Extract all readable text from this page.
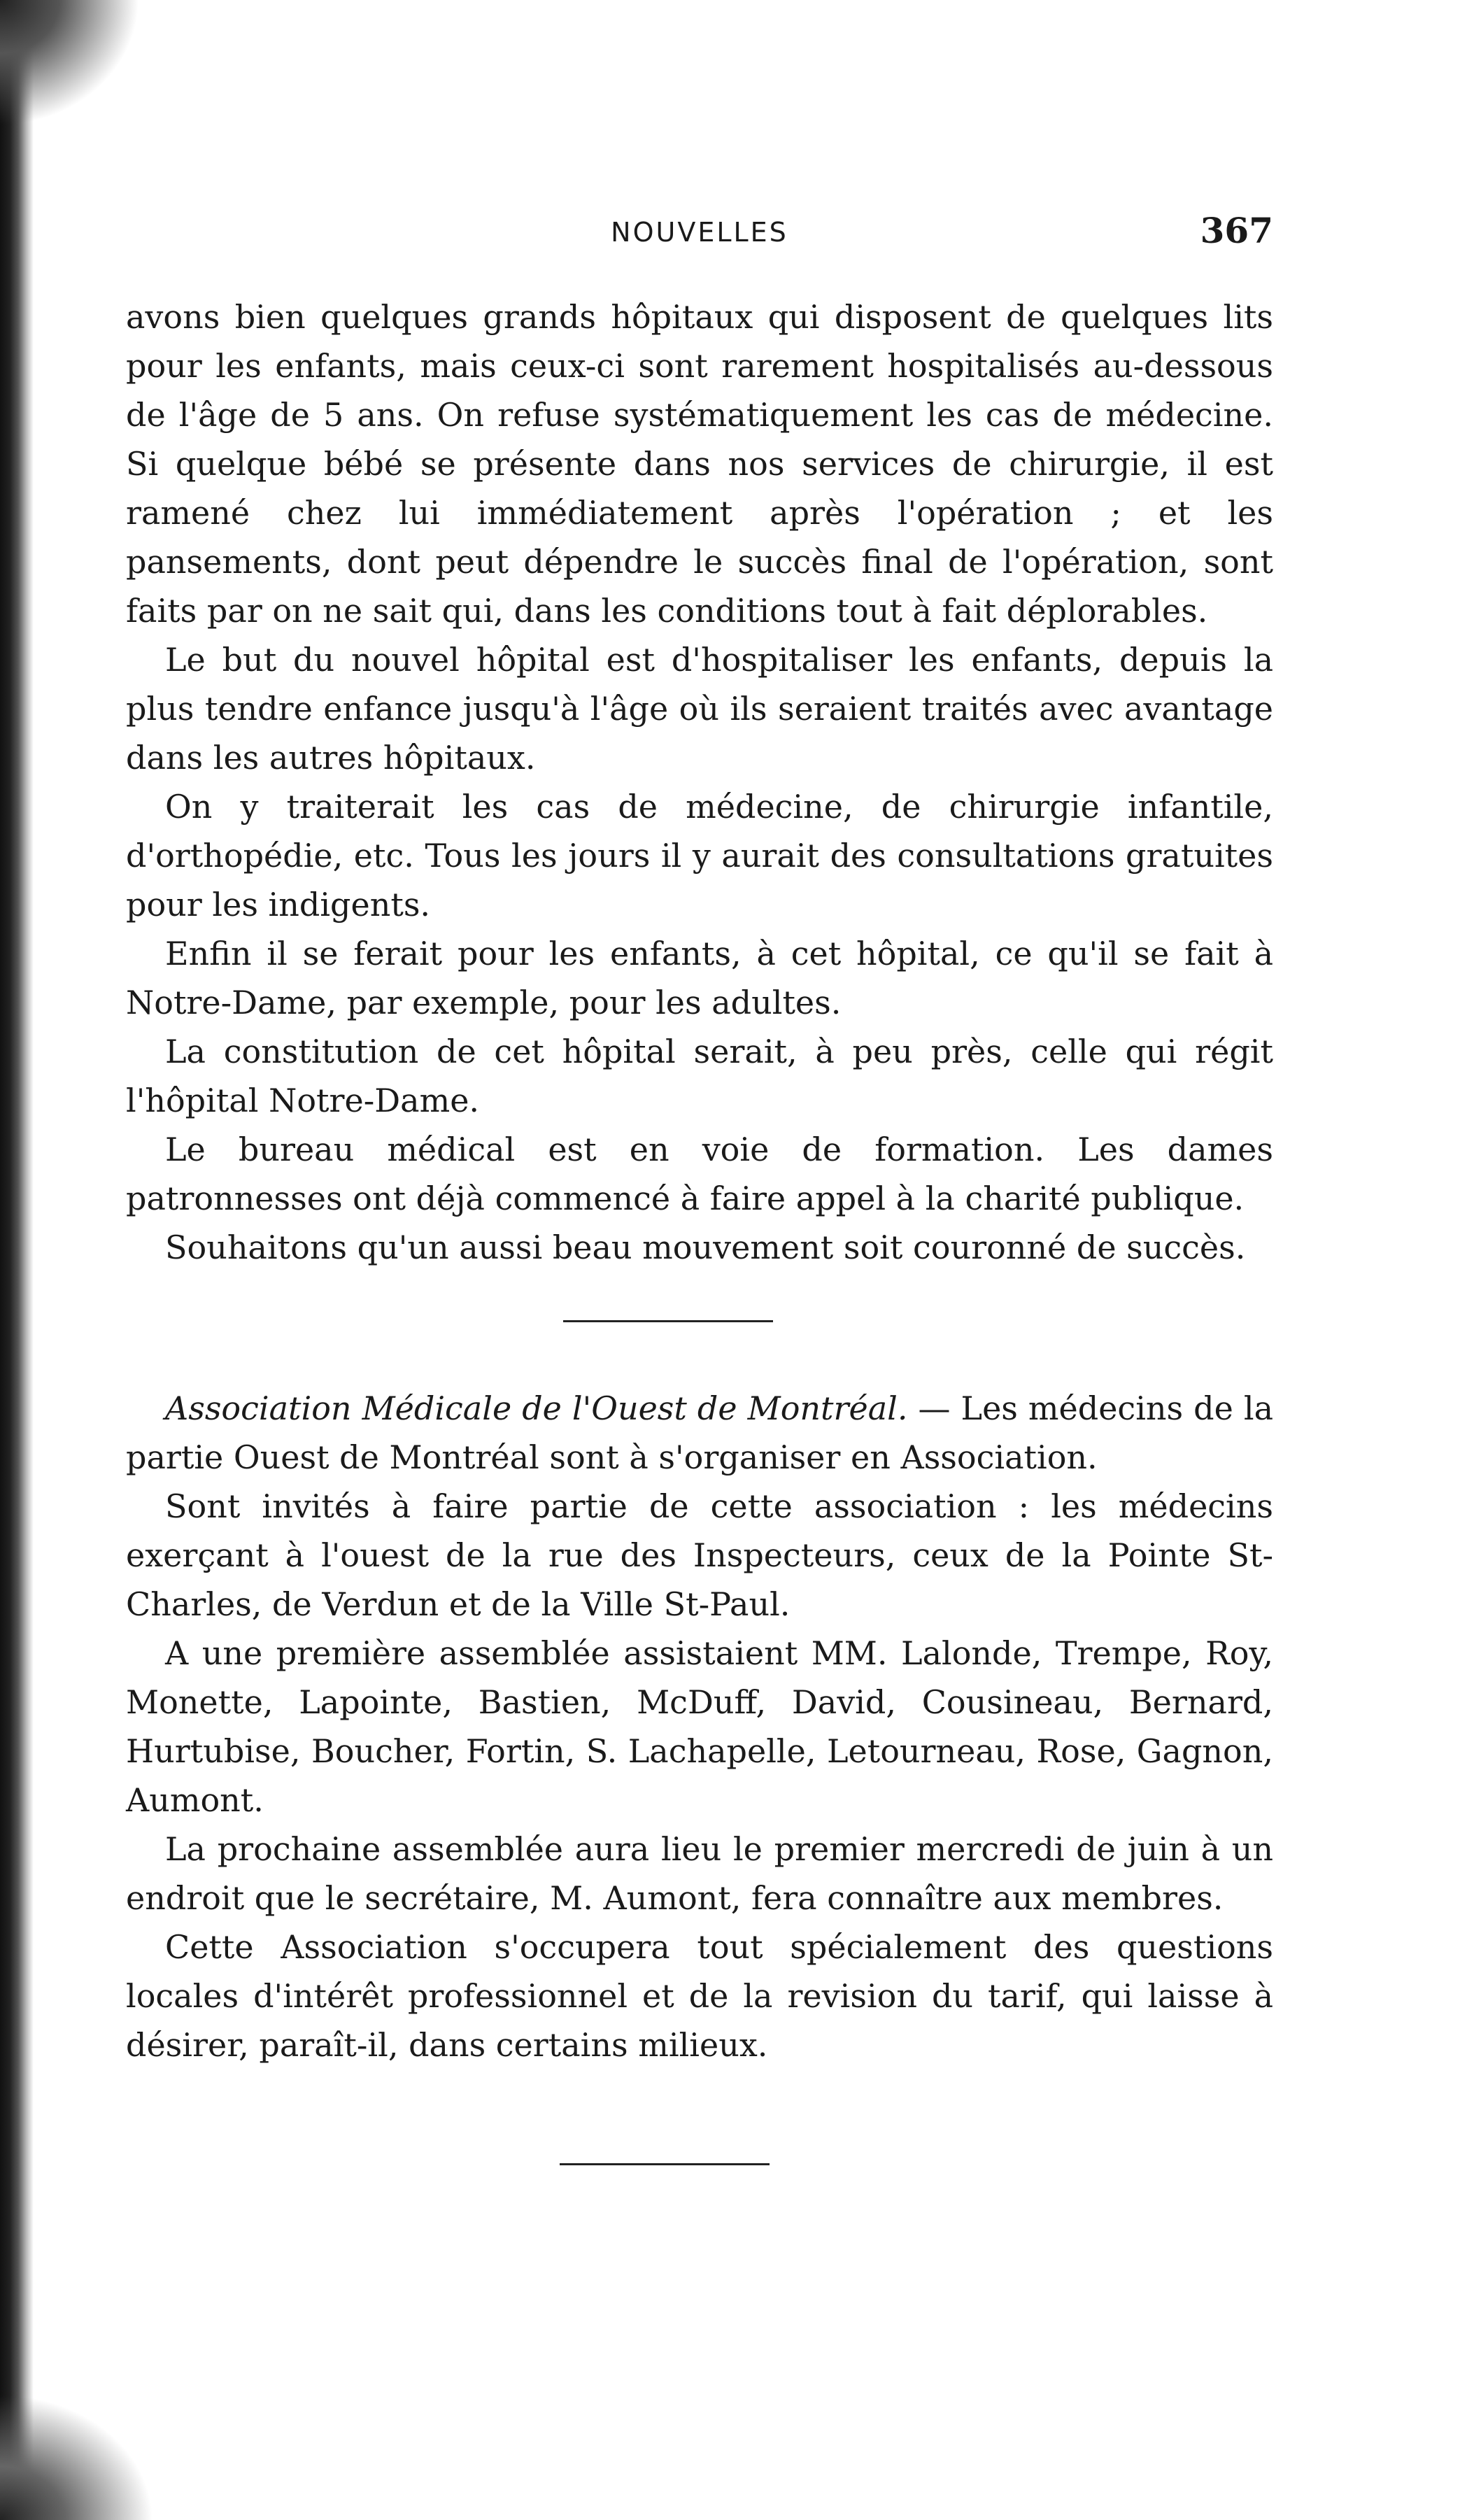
NOUVELLES	367

avons bien quelques grands hôpitaux qui disposent de quelques lits pour les enfants, mais ceux-ci sont rarement hospitalisés au-dessous de l'âge de 5 ans. On refuse systématiquement les cas de médecine. Si quelque bébé se présente dans nos services de chirurgie, il est ramené chez lui immédiatement après l'opération ; et les pansements, dont peut dépendre le succès final de l'opération, sont faits par on ne sait qui, dans les conditions tout à fait déplorables.

Le but du nouvel hôpital est d'hospitaliser les enfants, depuis la plus tendre enfance jusqu'à l'âge où ils seraient traités avec avantage dans les autres hôpitaux.

On y traiterait les cas de médecine, de chirurgie infantile, d'orthopédie, etc. Tous les jours il y aurait des consultations gratuites pour les indigents.

Enfin il se ferait pour les enfants, à cet hôpital, ce qu'il se fait à Notre-Dame, par exemple, pour les adultes.

La constitution de cet hôpital serait, à peu près, celle qui régit l'hôpital Notre-Dame.

Le bureau médical est en voie de formation. Les dames patronnesses ont déjà commencé à faire appel à la charité publique.

Souhaitons qu'un aussi beau mouvement soit couronné de succès.

Association Médicale de l'Ouest de Montréal. — Les médecins de la partie Ouest de Montréal sont à s'organiser en Association.

Sont invités à faire partie de cette association : les médecins exerçant à l'ouest de la rue des Inspecteurs, ceux de la Pointe St-Charles, de Verdun et de la Ville St-Paul.

A une première assemblée assistaient MM. Lalonde, Trempe, Roy, Monette, Lapointe, Bastien, McDuff, David, Cousineau, Bernard, Hurtubise, Boucher, Fortin, S. Lachapelle, Letourneau, Rose, Gagnon, Aumont.

La prochaine assemblée aura lieu le premier mercredi de juin à un endroit que le secrétaire, M. Aumont, fera connaître aux membres.

Cette Association s'occupera tout spécialement des questions locales d'intérêt professionnel et de la revision du tarif, qui laisse à désirer, paraît-il, dans certains milieux.
